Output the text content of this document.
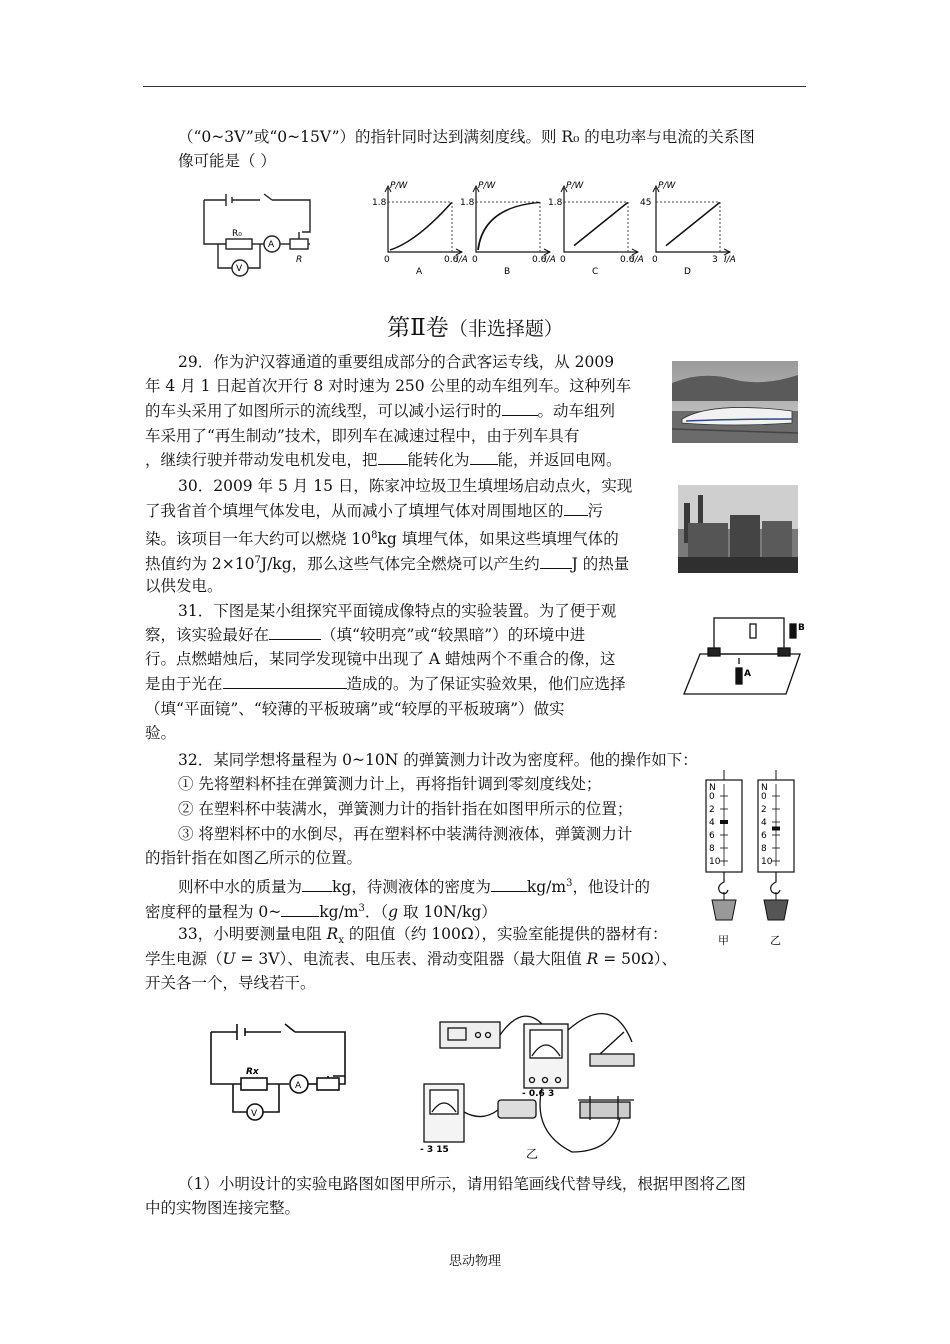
（“0~3V”或“0~15V”）的指针同时达到满刻度线。则 R₀ 的电功率与电流的关系图
像可能是（ ）
R₀
A
V
R
P/W
1.8
0	0.6
I/A
A
P/W
1.8
0	0.6
I/A
B
P/W
1.8
0	0.6
I/A
C
P/W
45
0	3 I/A
D
第Ⅱ卷（非选择题）
29．作为沪汉蓉通道的重要组成部分的合武客运专线，从 2009
年 4 月 1 日起首次开行 8 对时速为 250 公里的动车组列车。这种列车
的车头采用了如图所示的流线型，可以减小运行时的 。动车组列
车采用了“再生制动”技术，即列车在减速过程中，由于列车具有
，继续行驶并带动发电机发电，把 能转化为 能，并返回电网。
30．2009 年 5 月 15 日，陈家冲垃圾卫生填埋场启动点火，实现
了我省首个填埋气体发电，从而减小了填埋气体对周围地区的 污
染。该项目一年大约可以燃烧 $10^8kg$ 填埋气体，如果这些填埋气体的
热值约为 $2\times 10^7J/kg$，那么这些气体完全燃烧可以产生约 J 的热量
以供发电。
31．下图是某小组探究平面镜成像特点的实验装置。为了便于观
察，该实验最好在	（填“较明亮”或“较黑暗”）的环境中进
行。点燃蜡烛后，某同学发现镜中出现了 A 蜡烛两个不重合的像，这
是由于光在	造成的。为了保证实验效果，他们应选择
（填“平面镜”、“较薄的平板玻璃”或“较厚的平板玻璃”）做实
验。
B
A
32．某同学想将量程为 0~10N 的弹簧测力计改为密度秤。他的操作如下：
① 先将塑料杯挂在弹簧测力计上，再将指针调到零刻度线处；
② 在塑料杯中装满水，弹簧测力计的指针指在如图甲所示的位置；
③ 将塑料杯中的水倒尽，再在塑料杯中装满待测液体，弹簧测力计
的指针指在如图乙所示的位置。
则杯中水的质量为 kg，待测液体的密度为 $kg/m^3$，他设计的
密度秤的量程为 0~ $kg/m^3$．（g 取 10N/kg）
N
0
2
4
6
8
10
甲
N
0
2
4
6
8
10
乙
33，小明要测量电阻 $R_x$ 的阻值（约 100Ω），实验室能提供的器材有：
学生电源（U = 3V）、电流表、电压表、滑动变阻器（最大阻值 R = 50Ω）、
开关各一个，导线若干。
Rx
A
V
- 0.6 3
- 3 15	乙
（1）小明设计的实验电路图如图甲所示，请用铅笔画线代替导线，根据甲图将乙图
中的实物图连接完整。
思动物理
